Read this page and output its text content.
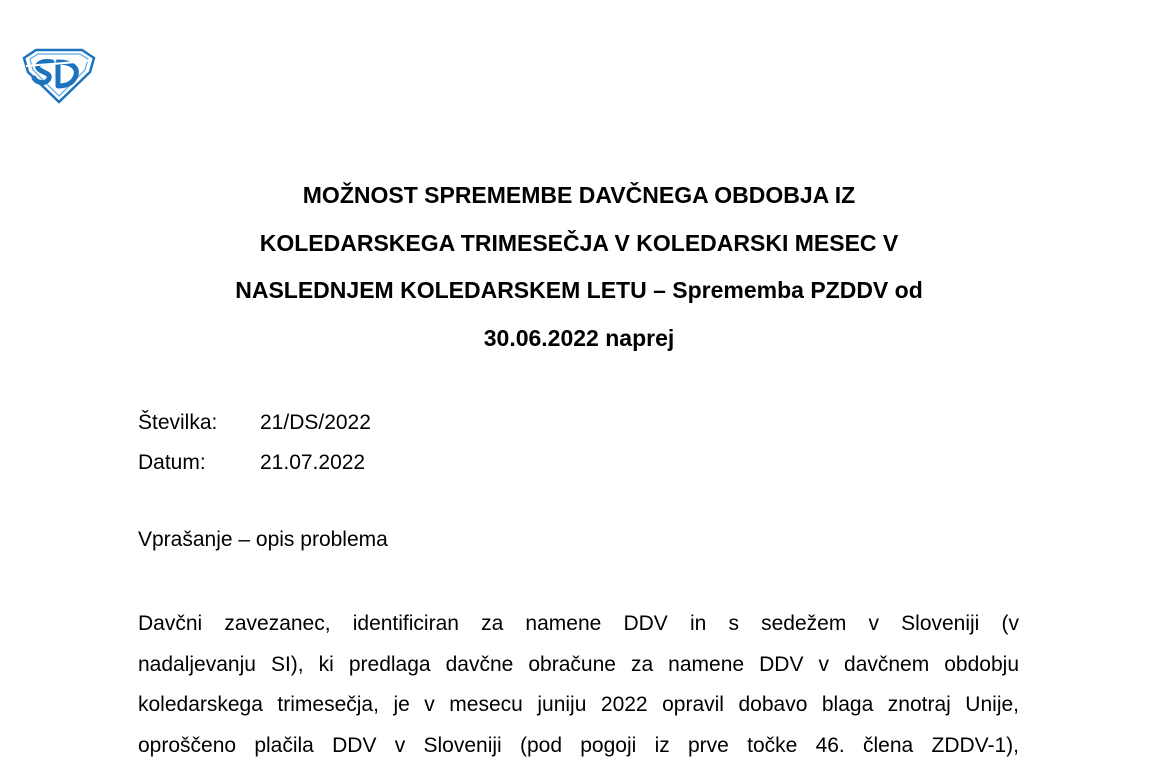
MOŽNOST SPREMEMBE DAVČNEGA OBDOBJA IZ
KOLEDARSKEGA TRIMESEČJA V KOLEDARSKI MESEC V
NASLEDNJEM KOLEDARSKEM LETU – Sprememba PZDDV od
30.06.2022 naprej
Številka:	21/DS/2022
Datum:	21.07.2022
Vprašanje – opis problema

Davčni zavezanec, identificiran za namene DDV in s sedežem v Sloveniji (v
nadaljevanju SI), ki predlaga davčne obračune za namene DDV v davčnem obdobju
koledarskega trimesečja, je v mesecu juniju 2022 opravil dobavo blaga znotraj Unije,
oproščeno plačila DDV v Sloveniji (pod pogoji iz prve točke 46. člena ZDDV-1),
